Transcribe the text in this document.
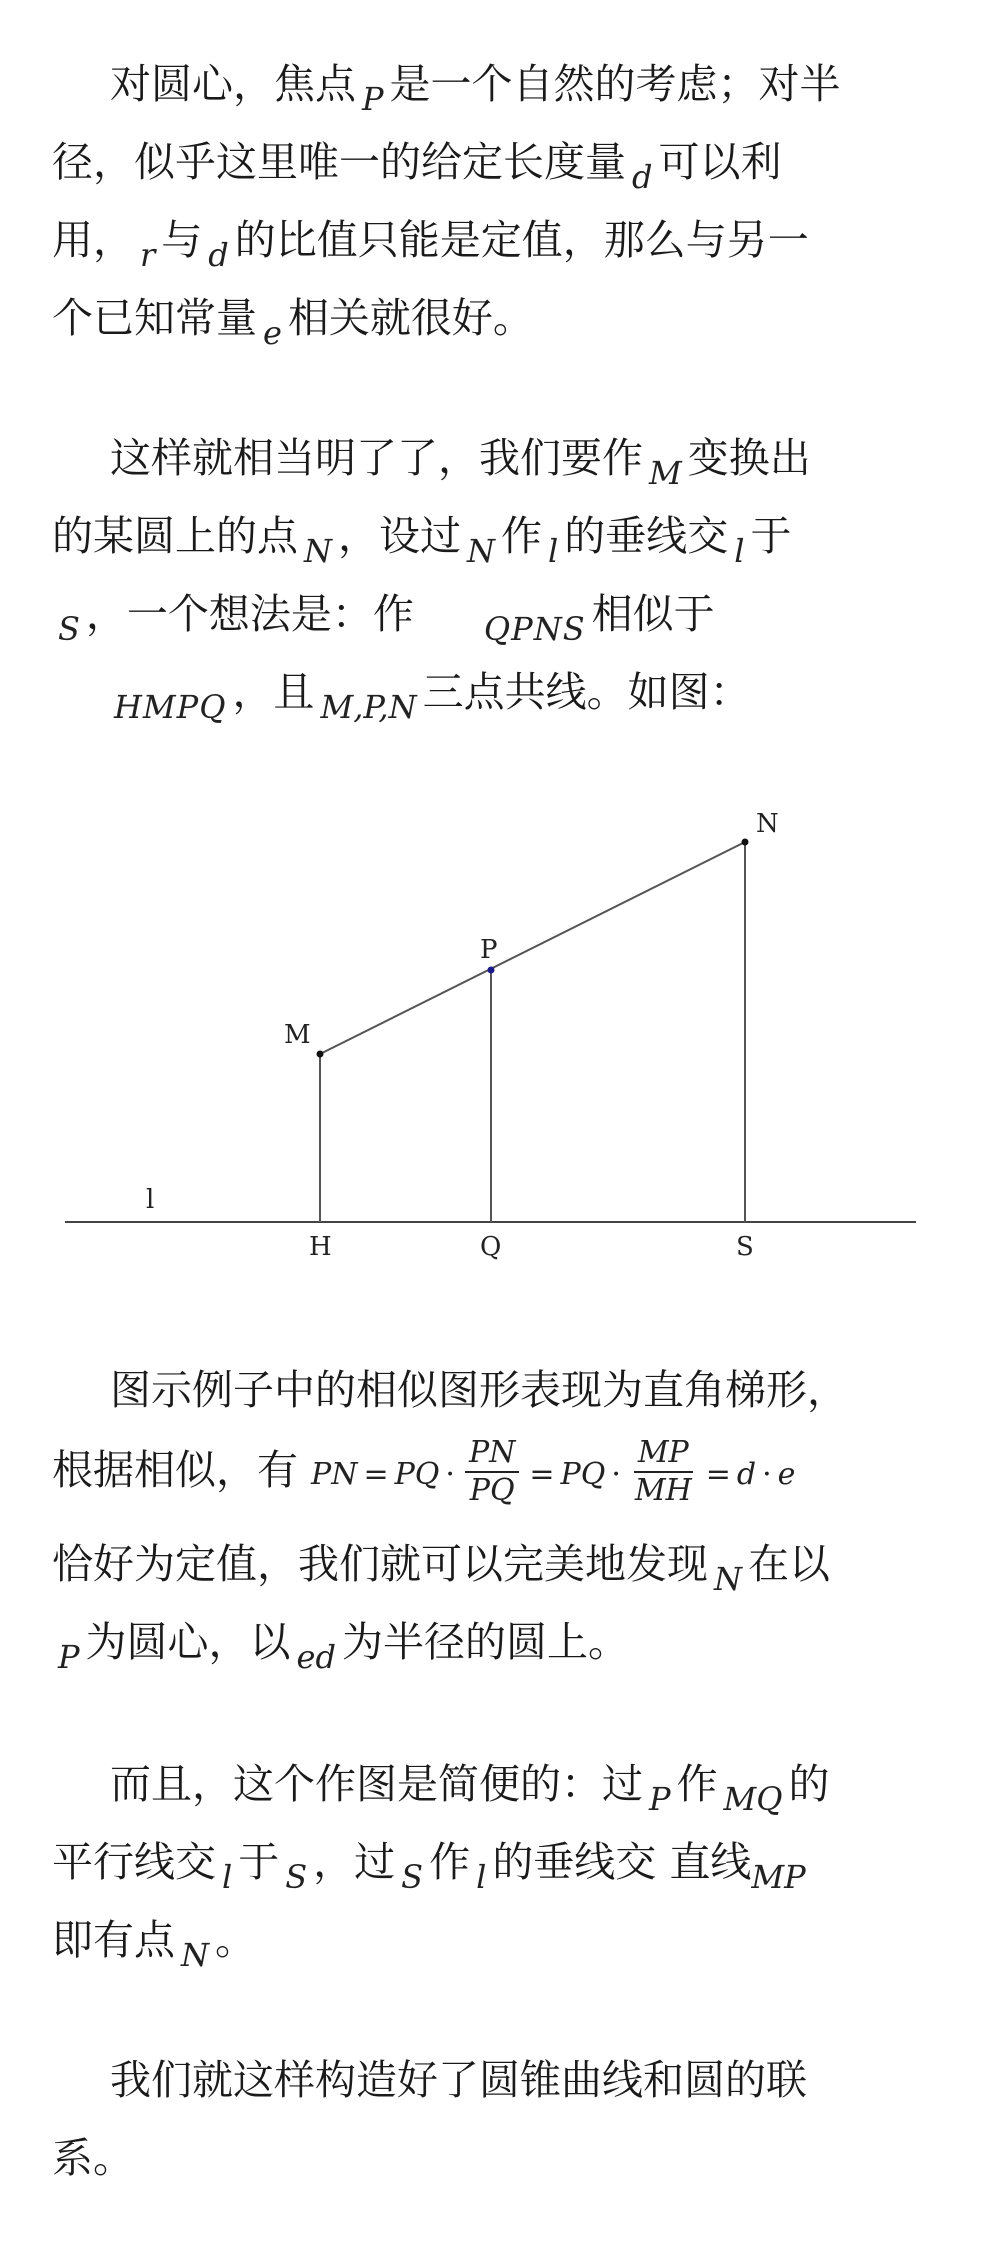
对圆心，焦点 P 是一个自然的考虑；对半
径，似乎这里唯一的给定长度量 d 可以利
用， r 与 d 的比值只能是定值，那么与另一
个已知常量 e 相关就很好。
这样就相当明了了，我们要作 M 变换出
的某圆上的点 N ，设过 N 作 l 的垂线交 l 于
S ，一个想法是：作 QPNS 相似于
HMPQ ，且 M,P,N 三点共线。如图：
N
P
M
l
H	Q	S
图示例子中的相似图形表现为直角梯形，
根据相似，有 PN = PQ · $\frac{PN}{PQ}$ = PQ · $\frac{MP}{MH} = d \cdot e$
恰好为定值，我们就可以完美地发现 N 在以
P 为圆心，以 ed 为半径的圆上。
而且，这个作图是简便的：过 P 作 MQ 的
平行线交 l 于 S ，过 S 作 l 的垂线交 直线MP
即有点 N 。
我们就这样构造好了圆锥曲线和圆的联
系。
